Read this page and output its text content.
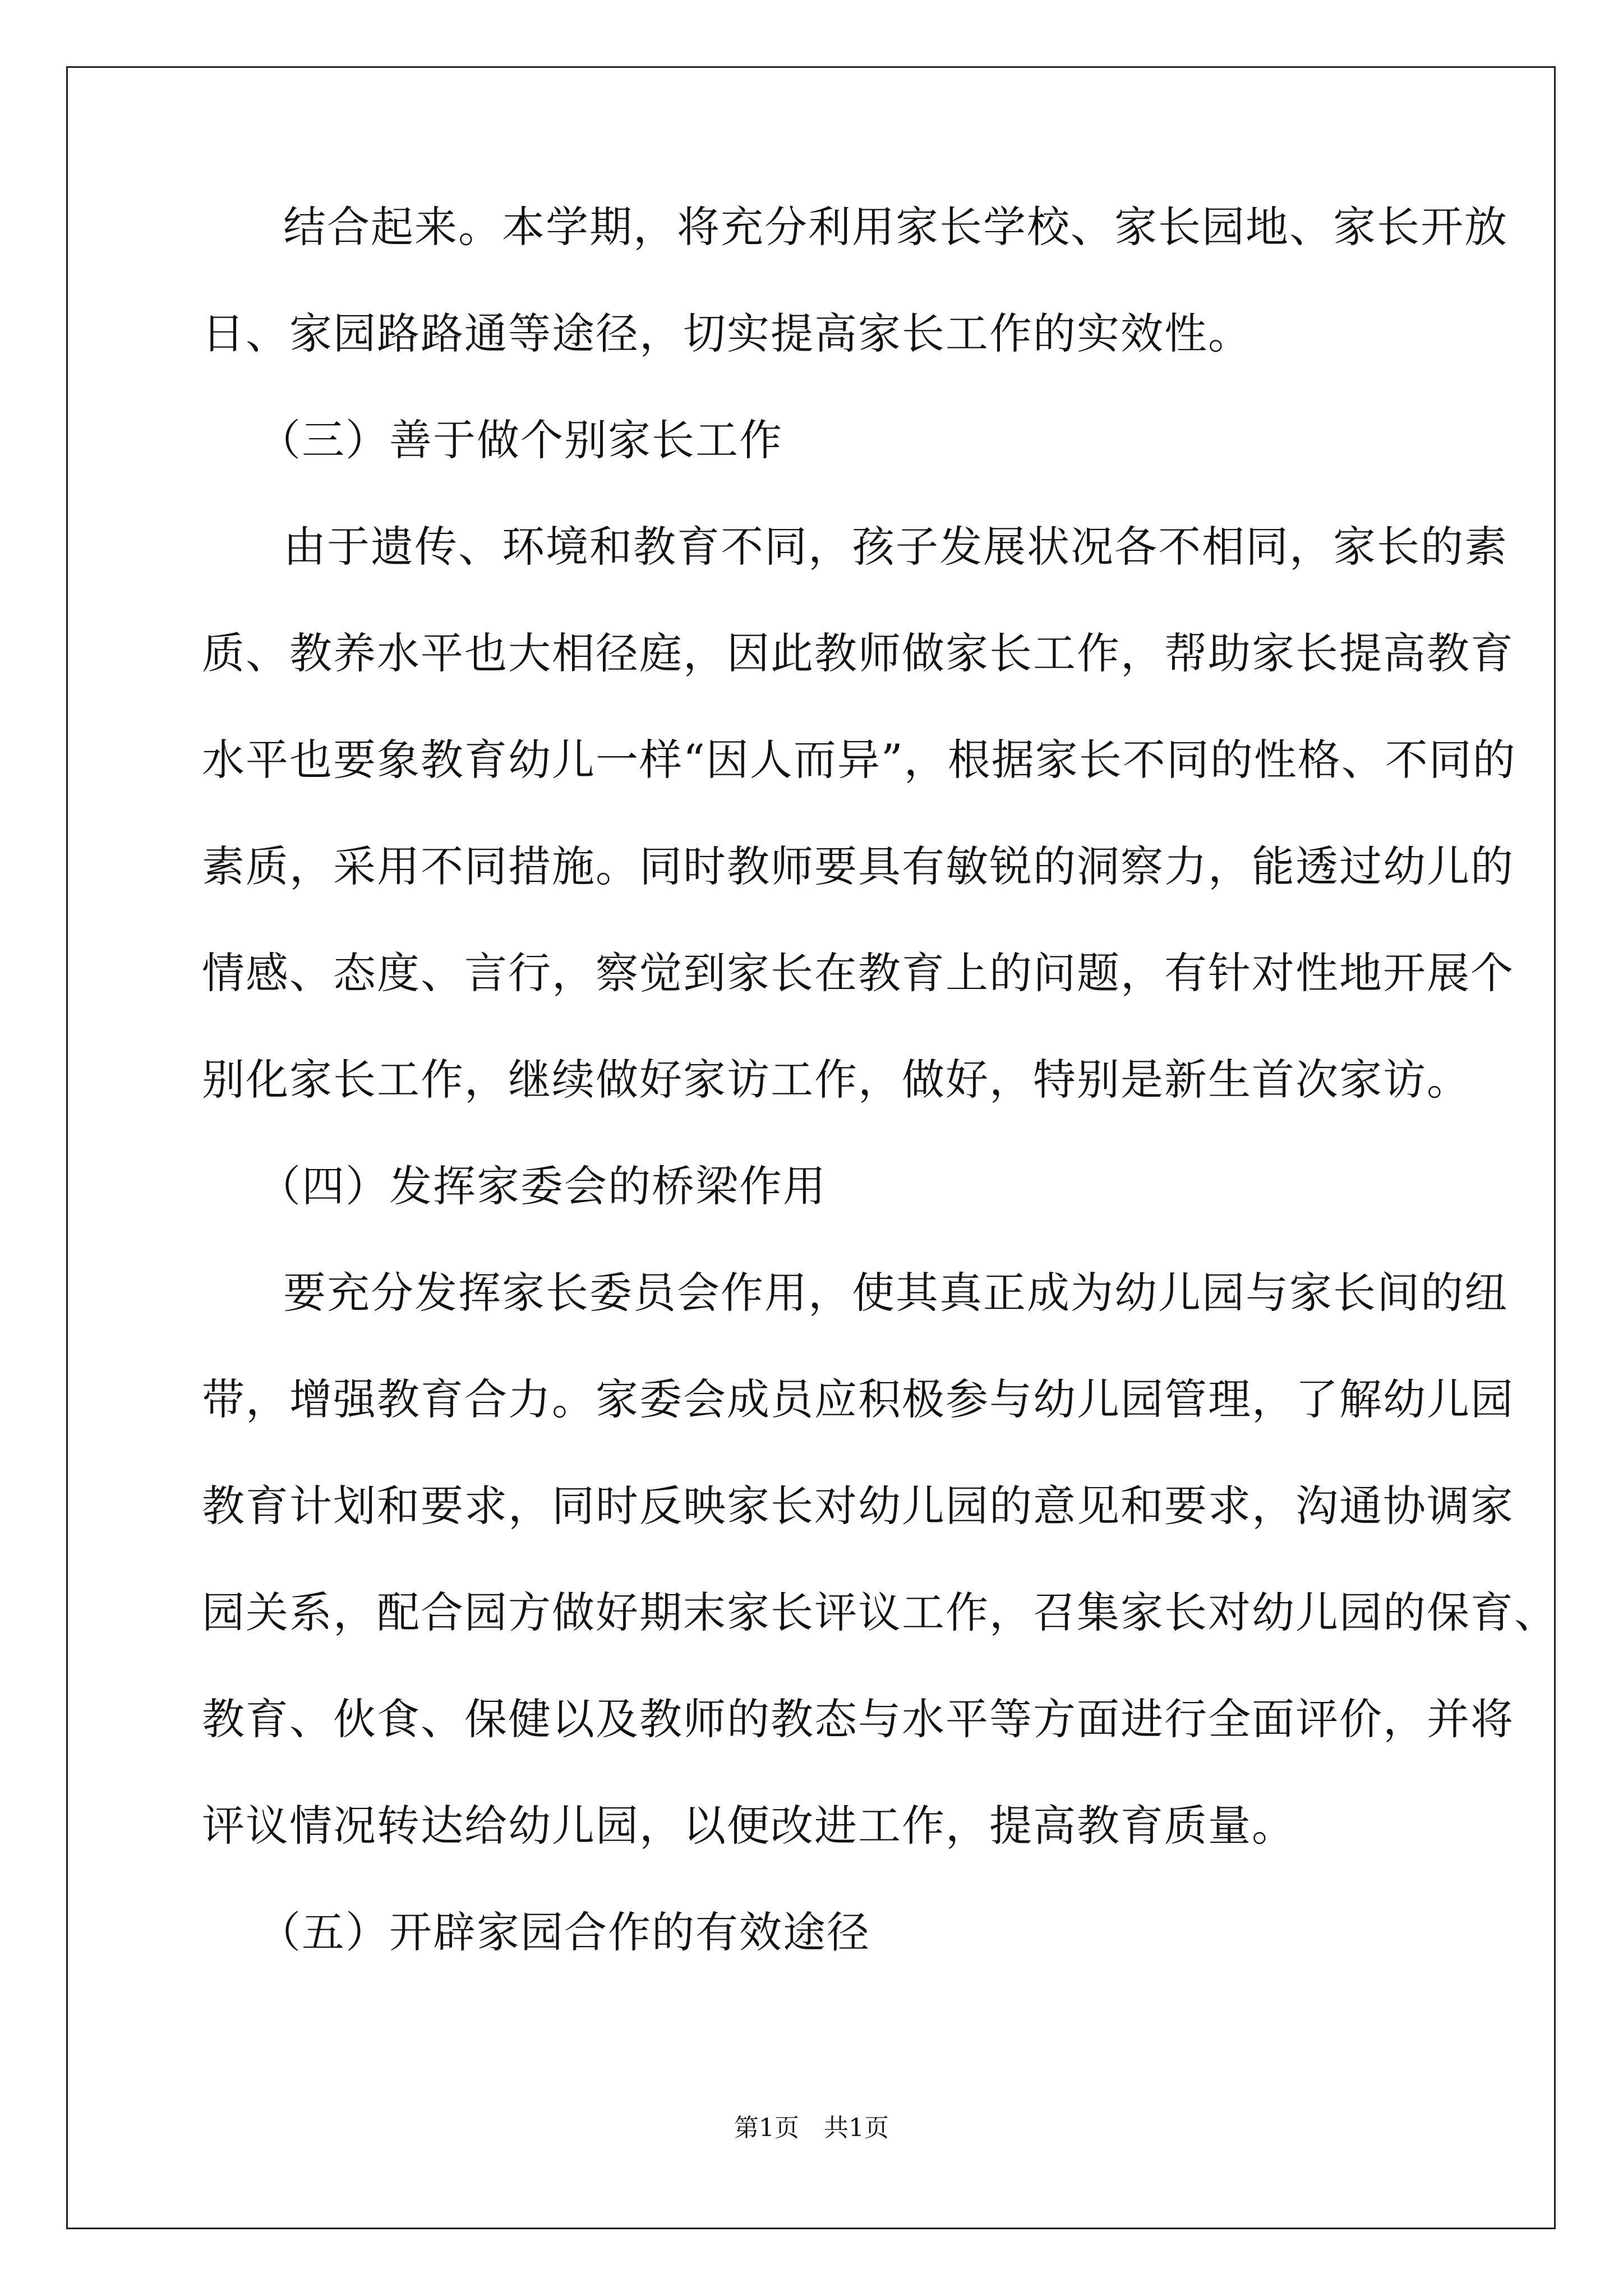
结合起来。本学期，将充分利用家长学校、家长园地、家长开放
日、家园路路通等途径，切实提高家长工作的实效性。
（三）善于做个别家长工作
由于遗传、环境和教育不同，孩子发展状况各不相同，家长的素
质、教养水平也大相径庭，因此教师做家长工作，帮助家长提高教育
水平也要象教育幼儿一样“因人而异”，根据家长不同的性格、不同的
素质，采用不同措施。同时教师要具有敏锐的洞察力，能透过幼儿的
情感、态度、言行，察觉到家长在教育上的问题，有针对性地开展个
别化家长工作，继续做好家访工作，做好，特别是新生首次家访。
（四）发挥家委会的桥梁作用
要充分发挥家长委员会作用，使其真正成为幼儿园与家长间的纽
带，增强教育合力。家委会成员应积极参与幼儿园管理，了解幼儿园
教育计划和要求，同时反映家长对幼儿园的意见和要求，沟通协调家
园关系，配合园方做好期末家长评议工作，召集家长对幼儿园的保育、
教育、伙食、保健以及教师的教态与水平等方面进行全面评价，并将
评议情况转达给幼儿园，以便改进工作，提高教育质量。
（五）开辟家园合作的有效途径
第1页　共1页
